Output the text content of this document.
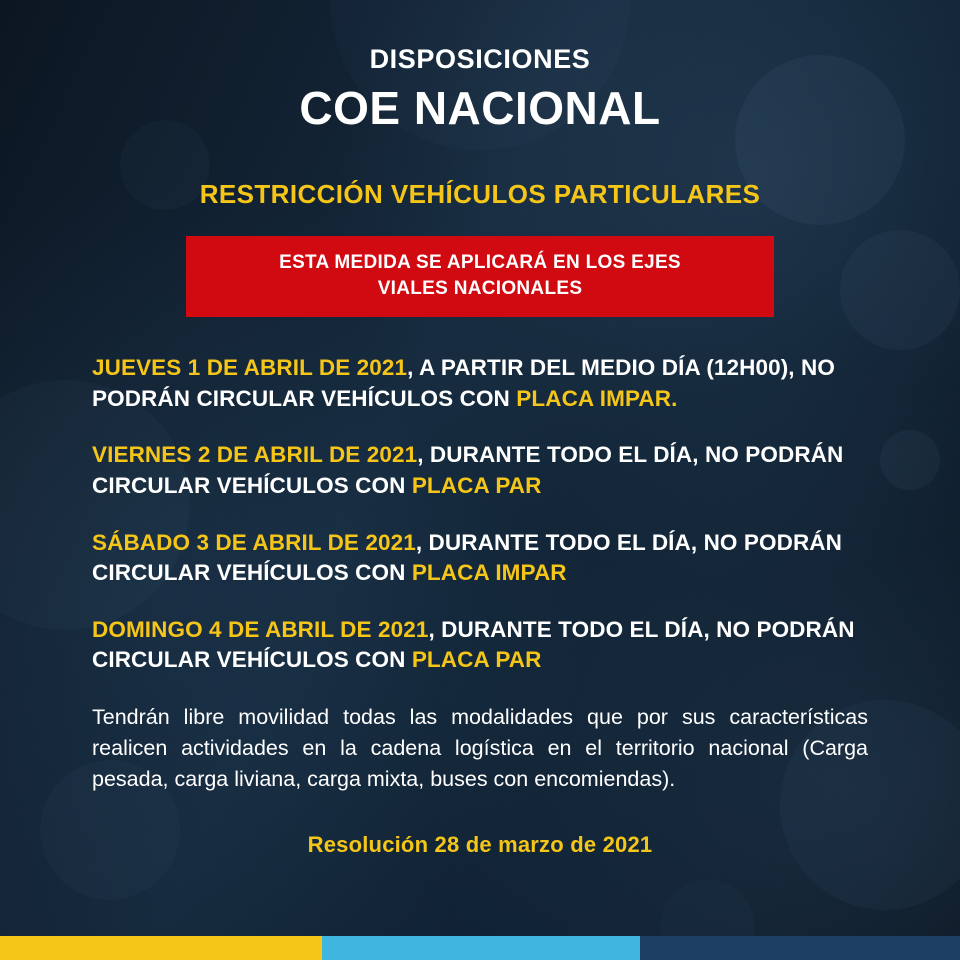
DISPOSICIONES
COE NACIONAL
RESTRICCIÓN VEHÍCULOS PARTICULARES
ESTA MEDIDA SE APLICARÁ EN LOS EJES
VIALES NACIONALES
JUEVES 1 DE ABRIL DE 2021, A PARTIR DEL MEDIO DÍA (12H00), NO PODRÁN CIRCULAR VEHÍCULOS CON PLACA IMPAR.
VIERNES 2 DE ABRIL DE 2021, DURANTE TODO EL DÍA, NO PODRÁN CIRCULAR VEHÍCULOS CON PLACA PAR
SÁBADO 3 DE ABRIL DE 2021, DURANTE TODO EL DÍA, NO PODRÁN CIRCULAR VEHÍCULOS CON PLACA IMPAR
DOMINGO 4 DE ABRIL DE 2021, DURANTE TODO EL DÍA, NO PODRÁN CIRCULAR VEHÍCULOS CON PLACA PAR
Tendrán libre movilidad todas las modalidades que por sus características realicen actividades en la cadena logística en el territorio nacional (Carga pesada, carga liviana, carga mixta, buses con encomiendas).
Resolución 28 de marzo de 2021
